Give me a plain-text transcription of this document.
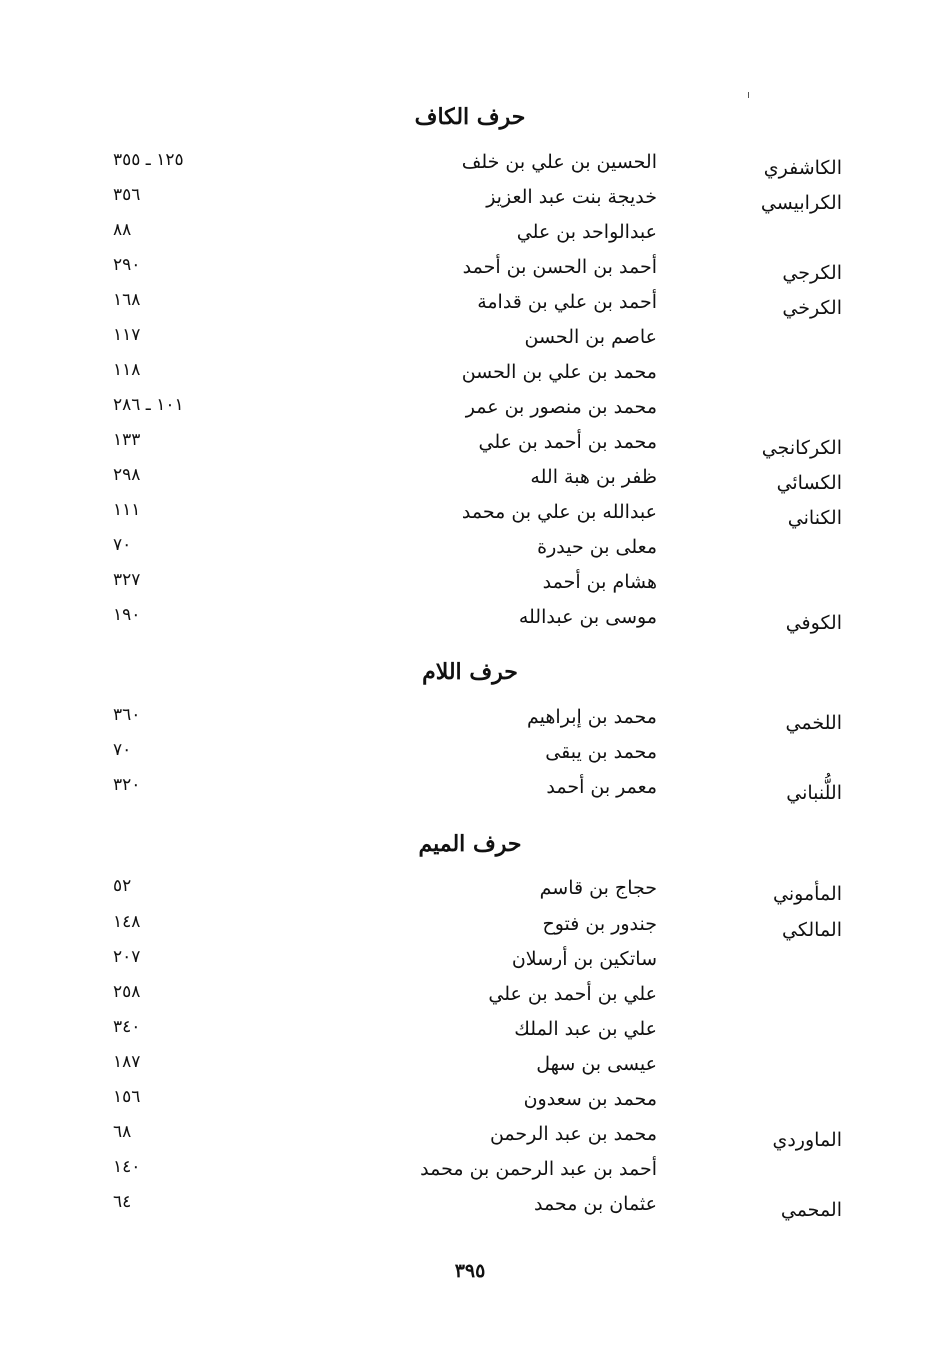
حرف الكاف
الكاشفري
الحسين بن علي بن خلف
١٢٥ ـ ٣٥٥
الكرابيسي
خديجة بنت عبد العزيز
٣٥٦
عبدالواحد بن علي
٨٨
الكرجي
أحمد بن الحسن بن أحمد
٢٩٠
الكرخي
أحمد بن علي بن قدامة
١٦٨
عاصم بن الحسن
١١٧
محمد بن علي بن الحسن
١١٨
محمد بن منصور بن عمر
١٠١ ـ ٢٨٦
الكركانجي
محمد بن أحمد بن علي
١٣٣
الكسائي
ظفر بن هبة الله
٢٩٨
الكناني
عبدالله بن علي بن محمد
١١١
معلى بن حيدرة
٧٠
هشام بن أحمد
٣٢٧
الكوفي
موسى بن عبدالله
١٩٠
حرف اللام
اللخمي
محمد بن إبراهيم
٣٦٠
محمد بن يبقى
٧٠
اللُّنباني
معمر بن أحمد
٣٢٠
حرف الميم
المأموني
حجاج بن قاسم
٥٢
المالكي
جندور بن فتوح
١٤٨
ساتكين بن أرسلان
٢٠٧
علي بن أحمد بن علي
٢٥٨
علي بن عبد الملك
٣٤٠
عيسى بن سهل
١٨٧
محمد بن سعدون
١٥٦
الماوردي
محمد بن عبد الرحمن
٦٨
أحمد بن عبد الرحمن بن محمد
١٤٠
المحمي
عثمان بن محمد
٦٤
٣٩٥
